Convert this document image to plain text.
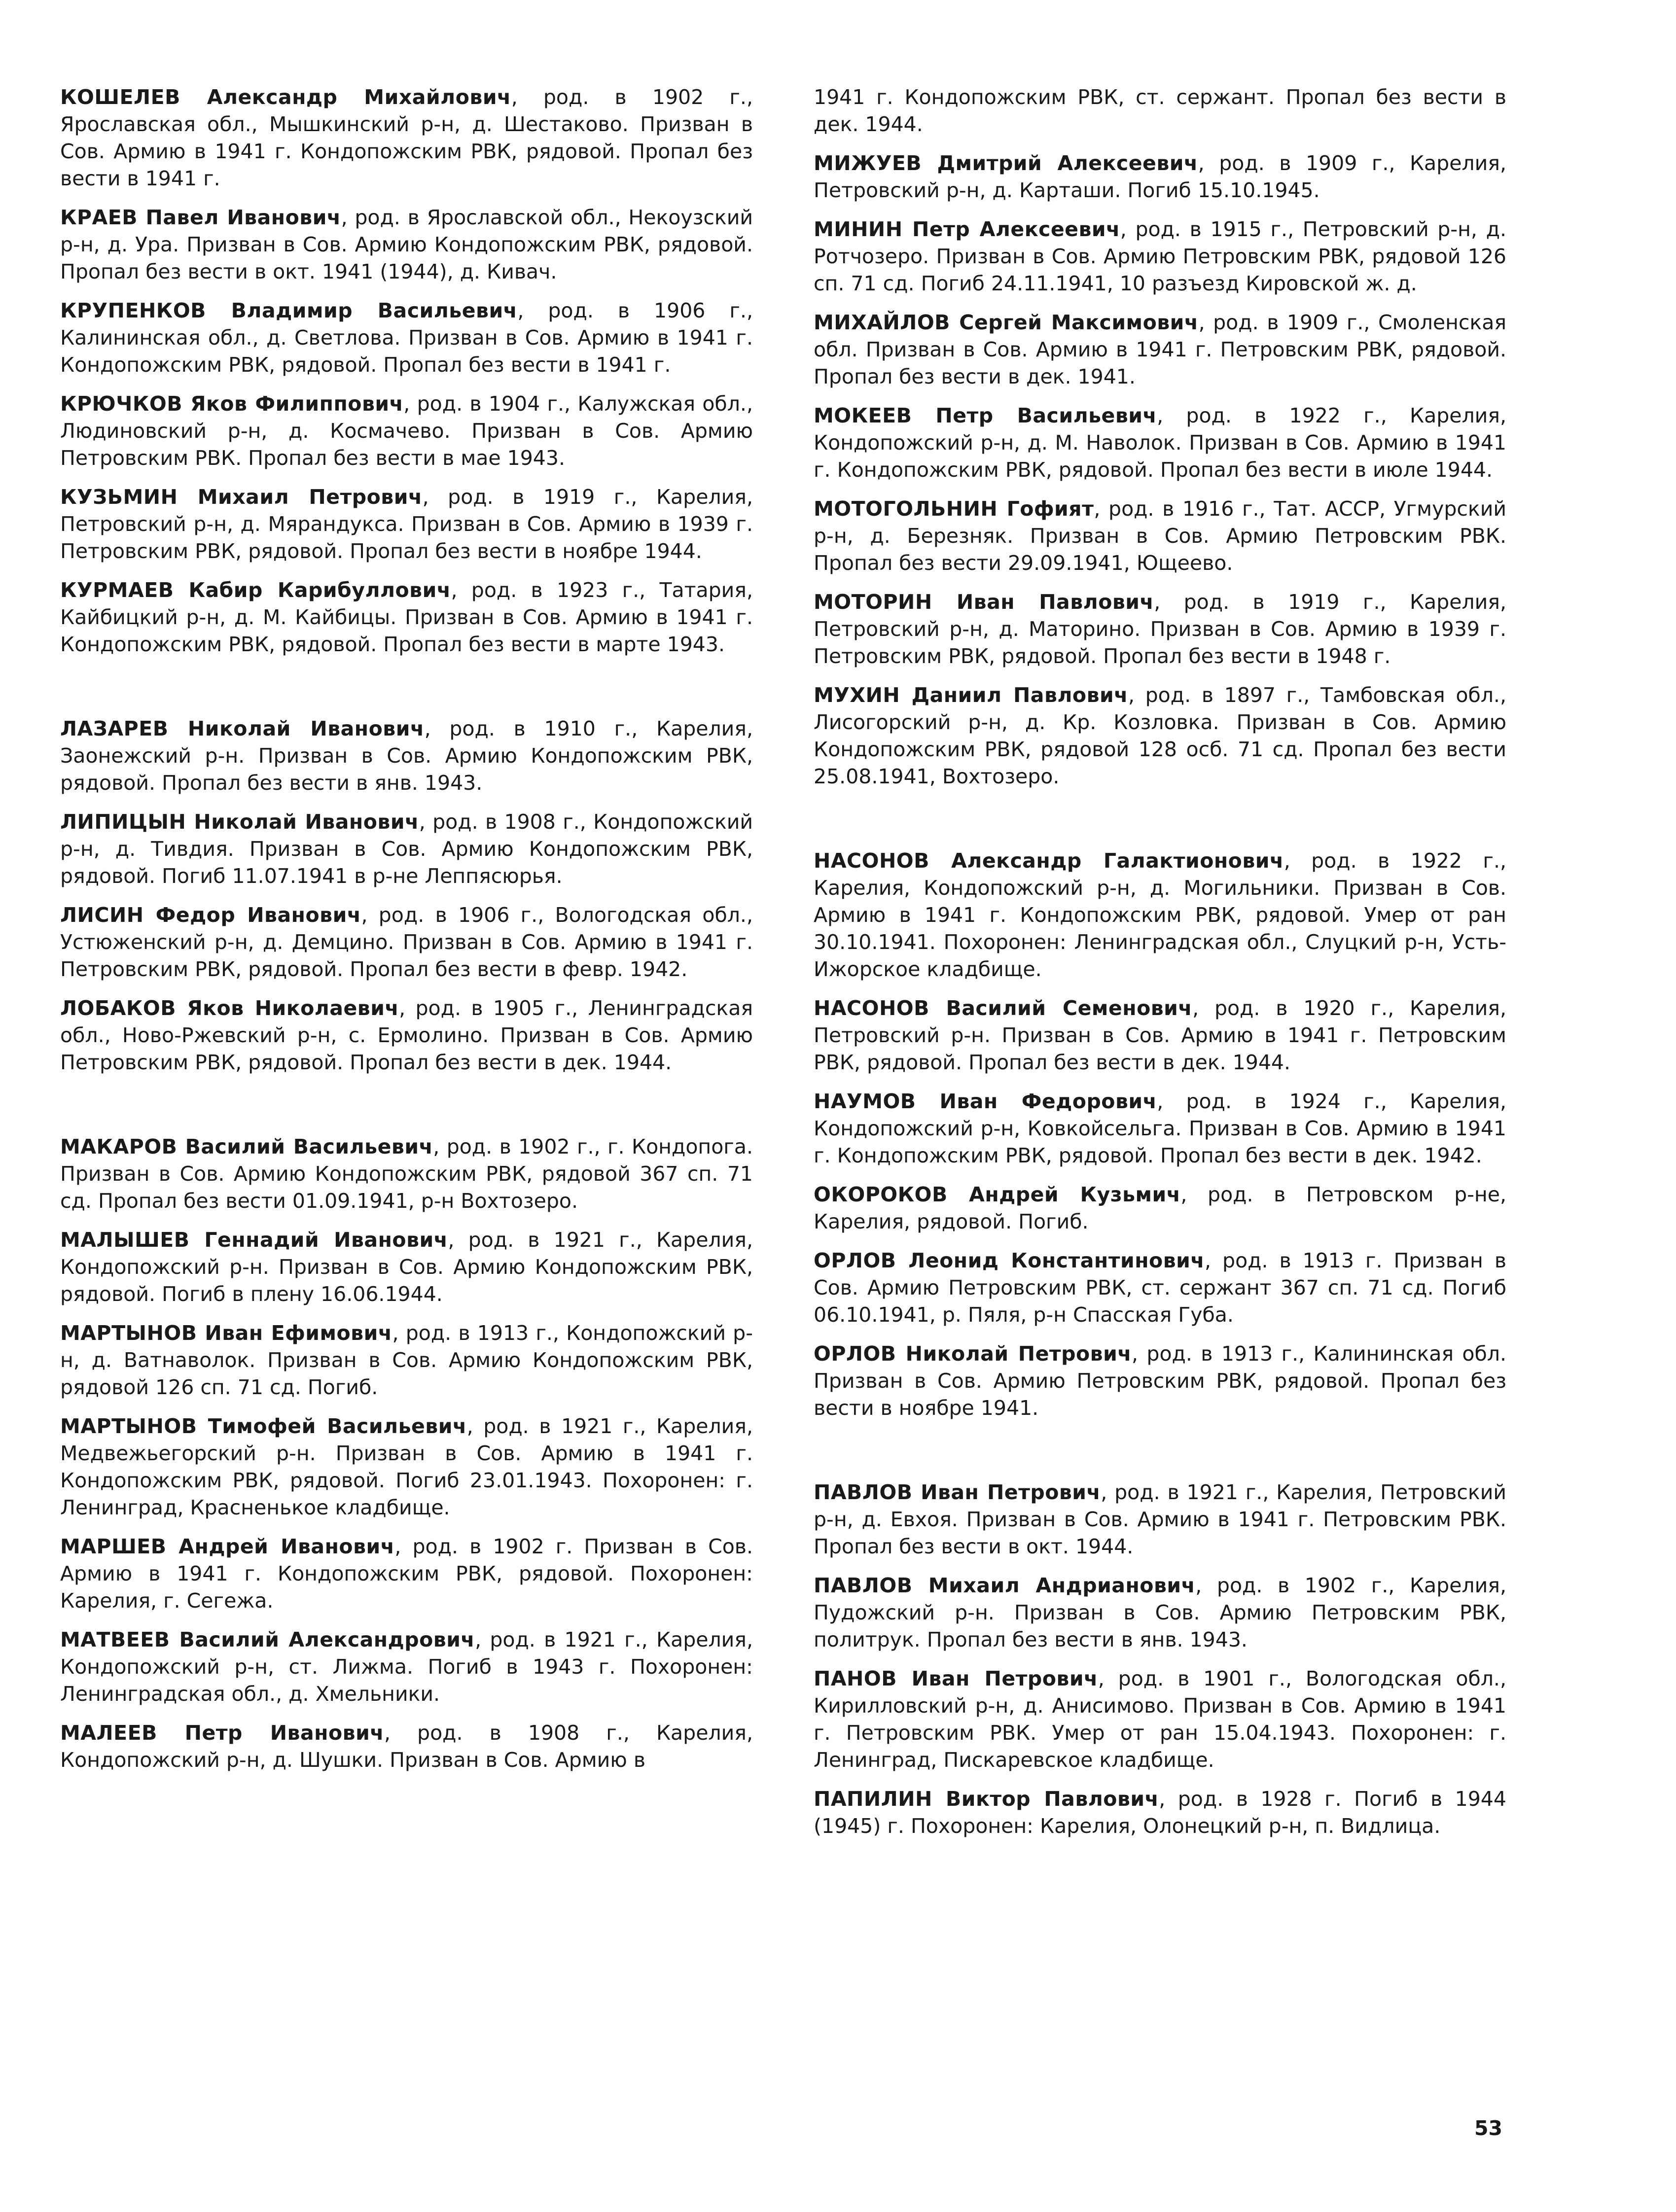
КОШЕЛЕВ Александр Михайлович, род. в 1902 г., Ярославская обл., Мышкинский р-н, д. Шестаково. Призван в Сов. Армию в 1941 г. Кондопожским РВК, рядовой. Пропал без вести в 1941 г.

КРАЕВ Павел Иванович, род. в Ярославской обл., Некоузский р-н, д. Ура. Призван в Сов. Армию Кондопожским РВК, рядовой. Пропал без вести в окт. 1941 (1944), д. Кивач.

КРУПЕНКОВ Владимир Васильевич, род. в 1906 г., Калининская обл., д. Светлова. Призван в Сов. Армию в 1941 г. Кондопожским РВК, рядовой. Пропал без вести в 1941 г.

КРЮЧКОВ Яков Филиппович, род. в 1904 г., Калужская обл., Людиновский р-н, д. Космачево. Призван в Сов. Армию Петровским РВК. Пропал без вести в мае 1943.

КУЗЬМИН Михаил Петрович, род. в 1919 г., Карелия, Петровский р-н, д. Мярандукса. Призван в Сов. Армию в 1939 г. Петровским РВК, рядовой. Пропал без вести в ноябре 1944.

КУРМАЕВ Кабир Карибуллович, род. в 1923 г., Татария, Кайбицкий р-н, д. М. Кайбицы. Призван в Сов. Армию в 1941 г. Кондопожским РВК, рядовой. Пропал без вести в марте 1943.

ЛАЗАРЕВ Николай Иванович, род. в 1910 г., Карелия, Заонежский р-н. Призван в Сов. Армию Кондопожским РВК, рядовой. Пропал без вести в янв. 1943.

ЛИПИЦЫН Николай Иванович, род. в 1908 г., Кондопожский р-н, д. Тивдия. Призван в Сов. Армию Кондопожским РВК, рядовой. Погиб 11.07.1941 в р-не Леппясюрья.

ЛИСИН Федор Иванович, род. в 1906 г., Вологодская обл., Устюженский р-н, д. Демцино. Призван в Сов. Армию в 1941 г. Петровским РВК, рядовой. Пропал без вести в февр. 1942.

ЛОБАКОВ Яков Николаевич, род. в 1905 г., Ленинградская обл., Ново-Ржевский р-н, с. Ермолино. Призван в Сов. Армию Петровским РВК, рядовой. Пропал без вести в дек. 1944.

МАКАРОВ Василий Васильевич, род. в 1902 г., г. Кондопога. Призван в Сов. Армию Кондопожским РВК, рядовой 367 сп. 71 сд. Пропал без вести 01.09.1941, р-н Вохтозеро.

МАЛЫШЕВ Геннадий Иванович, род. в 1921 г., Карелия, Кондопожский р-н. Призван в Сов. Армию Кондопожским РВК, рядовой. Погиб в плену 16.06.1944.

МАРТЫНОВ Иван Ефимович, род. в 1913 г., Кондопожский р-н, д. Ватнаволок. Призван в Сов. Армию Кондопожским РВК, рядовой 126 сп. 71 сд. Погиб.

МАРТЫНОВ Тимофей Васильевич, род. в 1921 г., Карелия, Медвежьегорский р-н. Призван в Сов. Армию в 1941 г. Кондопожским РВК, рядовой. Погиб 23.01.1943. Похоронен: г. Ленинград, Красненькое кладбище.

МАРШЕВ Андрей Иванович, род. в 1902 г. Призван в Сов. Армию в 1941 г. Кондопожским РВК, рядовой. Похоронен: Карелия, г. Сегежа.

МАТВЕЕВ Василий Александрович, род. в 1921 г., Карелия, Кондопожский р-н, ст. Лижма. Погиб в 1943 г. Похоронен: Ленинградская обл., д. Хмельники.

МАЛЕЕВ Петр Иванович, род. в 1908 г., Карелия, Кондопожский р-н, д. Шушки. Призван в Сов. Армию в

1941 г. Кондопожским РВК, ст. сержант. Пропал без вести в дек. 1944.

МИЖУЕВ Дмитрий Алексеевич, род. в 1909 г., Карелия, Петровский р-н, д. Карташи. Погиб 15.10.1945.

МИНИН Петр Алексеевич, род. в 1915 г., Петровский р-н, д. Ротчозеро. Призван в Сов. Армию Петровским РВК, рядовой 126 сп. 71 сд. Погиб 24.11.1941, 10 разъезд Кировской ж. д.

МИХАЙЛОВ Сергей Максимович, род. в 1909 г., Смоленская обл. Призван в Сов. Армию в 1941 г. Петровским РВК, рядовой. Пропал без вести в дек. 1941.

МОКЕЕВ Петр Васильевич, род. в 1922 г., Карелия, Кондопожский р-н, д. М. Наволок. Призван в Сов. Армию в 1941 г. Кондопожским РВК, рядовой. Пропал без вести в июле 1944.

МОТОГОЛЬНИН Гофият, род. в 1916 г., Тат. АССР, Угмурский р-н, д. Березняк. Призван в Сов. Армию Петровским РВК. Пропал без вести 29.09.1941, Ющеево.

МОТОРИН Иван Павлович, род. в 1919 г., Карелия, Петровский р-н, д. Маторино. Призван в Сов. Армию в 1939 г. Петровским РВК, рядовой. Пропал без вести в 1948 г.

МУХИН Даниил Павлович, род. в 1897 г., Тамбовская обл., Лисогорский р-н, д. Кр. Козловка. Призван в Сов. Армию Кондопожским РВК, рядовой 128 осб. 71 сд. Пропал без вести 25.08.1941, Вохтозеро.

НАСОНОВ Александр Галактионович, род. в 1922 г., Карелия, Кондопожский р-н, д. Могильники. Призван в Сов. Армию в 1941 г. Кондопожским РВК, рядовой. Умер от ран 30.10.1941. Похоронен: Ленинградская обл., Слуцкий р-н, Усть-Ижорское кладбище.

НАСОНОВ Василий Семенович, род. в 1920 г., Карелия, Петровский р-н. Призван в Сов. Армию в 1941 г. Петровским РВК, рядовой. Пропал без вести в дек. 1944.

НАУМОВ Иван Федорович, род. в 1924 г., Карелия, Кондопожский р-н, Ковкойсельга. Призван в Сов. Армию в 1941 г. Кондопожским РВК, рядовой. Пропал без вести в дек. 1942.

ОКОРОКОВ Андрей Кузьмич, род. в Петровском р-не, Карелия, рядовой. Погиб.

ОРЛОВ Леонид Константинович, род. в 1913 г. Призван в Сов. Армию Петровским РВК, ст. сержант 367 сп. 71 сд. Погиб 06.10.1941, р. Пяля, р-н Спасская Губа.

ОРЛОВ Николай Петрович, род. в 1913 г., Калининская обл. Призван в Сов. Армию Петровским РВК, рядовой. Пропал без вести в ноябре 1941.

ПАВЛОВ Иван Петрович, род. в 1921 г., Карелия, Петровский р-н, д. Евхоя. Призван в Сов. Армию в 1941 г. Петровским РВК. Пропал без вести в окт. 1944.

ПАВЛОВ Михаил Андрианович, род. в 1902 г., Карелия, Пудожский р-н. Призван в Сов. Армию Петровским РВК, политрук. Пропал без вести в янв. 1943.

ПАНОВ Иван Петрович, род. в 1901 г., Вологодская обл., Кирилловский р-н, д. Анисимово. Призван в Сов. Армию в 1941 г. Петровским РВК. Умер от ран 15.04.1943. Похоронен: г. Ленинград, Пискаревское кладбище.

ПАПИЛИН Виктор Павлович, род. в 1928 г. Погиб в 1944 (1945) г. Похоронен: Карелия, Олонецкий р-н, п. Видлица.

53
